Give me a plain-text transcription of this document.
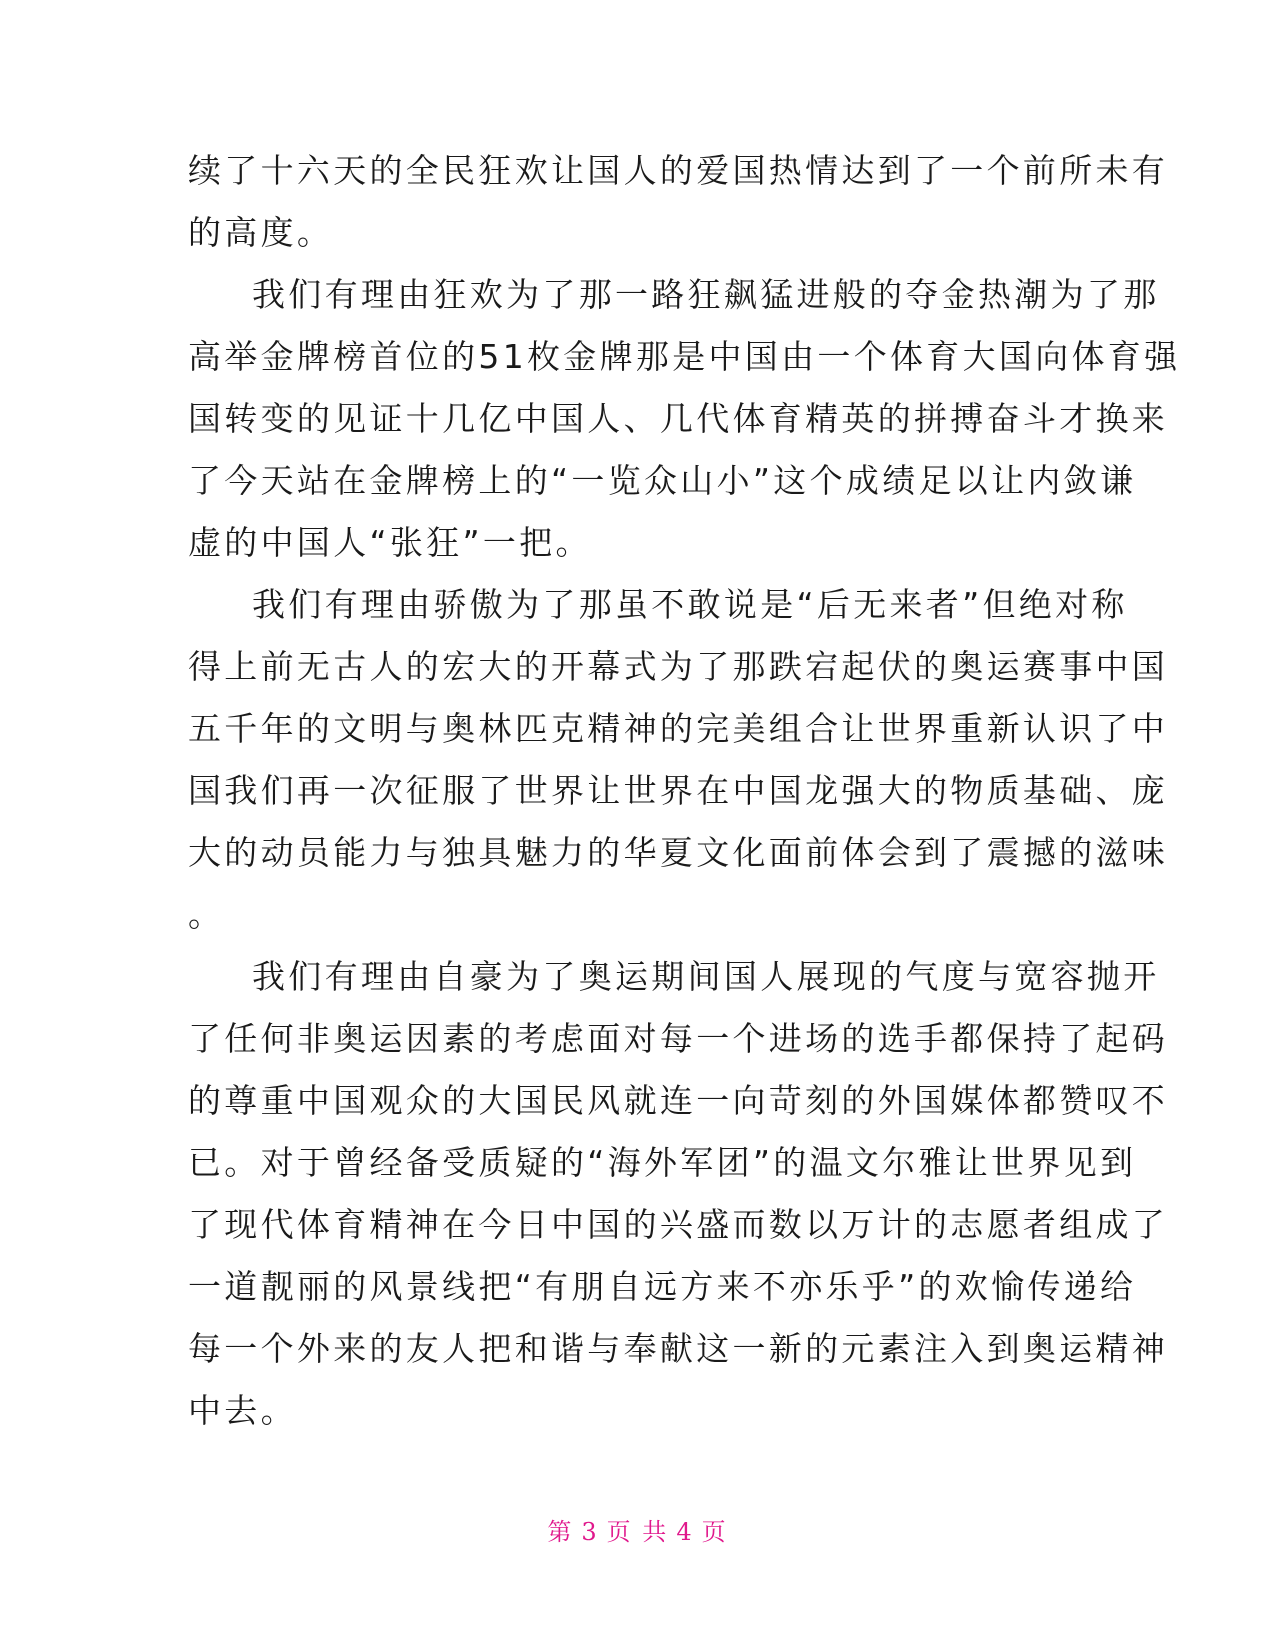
续了十六天的全民狂欢让国人的爱国热情达到了一个前所未有
的高度。
我们有理由狂欢为了那一路狂飙猛进般的夺金热潮为了那
高举金牌榜首位的51枚金牌那是中国由一个体育大国向体育强
国转变的见证十几亿中国人、几代体育精英的拼搏奋斗才换来
了今天站在金牌榜上的“一览众山小”这个成绩足以让内敛谦
虚的中国人“张狂”一把。
我们有理由骄傲为了那虽不敢说是“后无来者”但绝对称
得上前无古人的宏大的开幕式为了那跌宕起伏的奥运赛事中国
五千年的文明与奥林匹克精神的完美组合让世界重新认识了中
国我们再一次征服了世界让世界在中国龙强大的物质基础、庞
大的动员能力与独具魅力的华夏文化面前体会到了震撼的滋味
。
我们有理由自豪为了奥运期间国人展现的气度与宽容抛开
了任何非奥运因素的考虑面对每一个进场的选手都保持了起码
的尊重中国观众的大国民风就连一向苛刻的外国媒体都赞叹不
已。对于曾经备受质疑的“海外军团”的温文尔雅让世界见到
了现代体育精神在今日中国的兴盛而数以万计的志愿者组成了
一道靓丽的风景线把“有朋自远方来不亦乐乎”的欢愉传递给
每一个外来的友人把和谐与奉献这一新的元素注入到奥运精神
中去。
第 3 页 共 4 页
